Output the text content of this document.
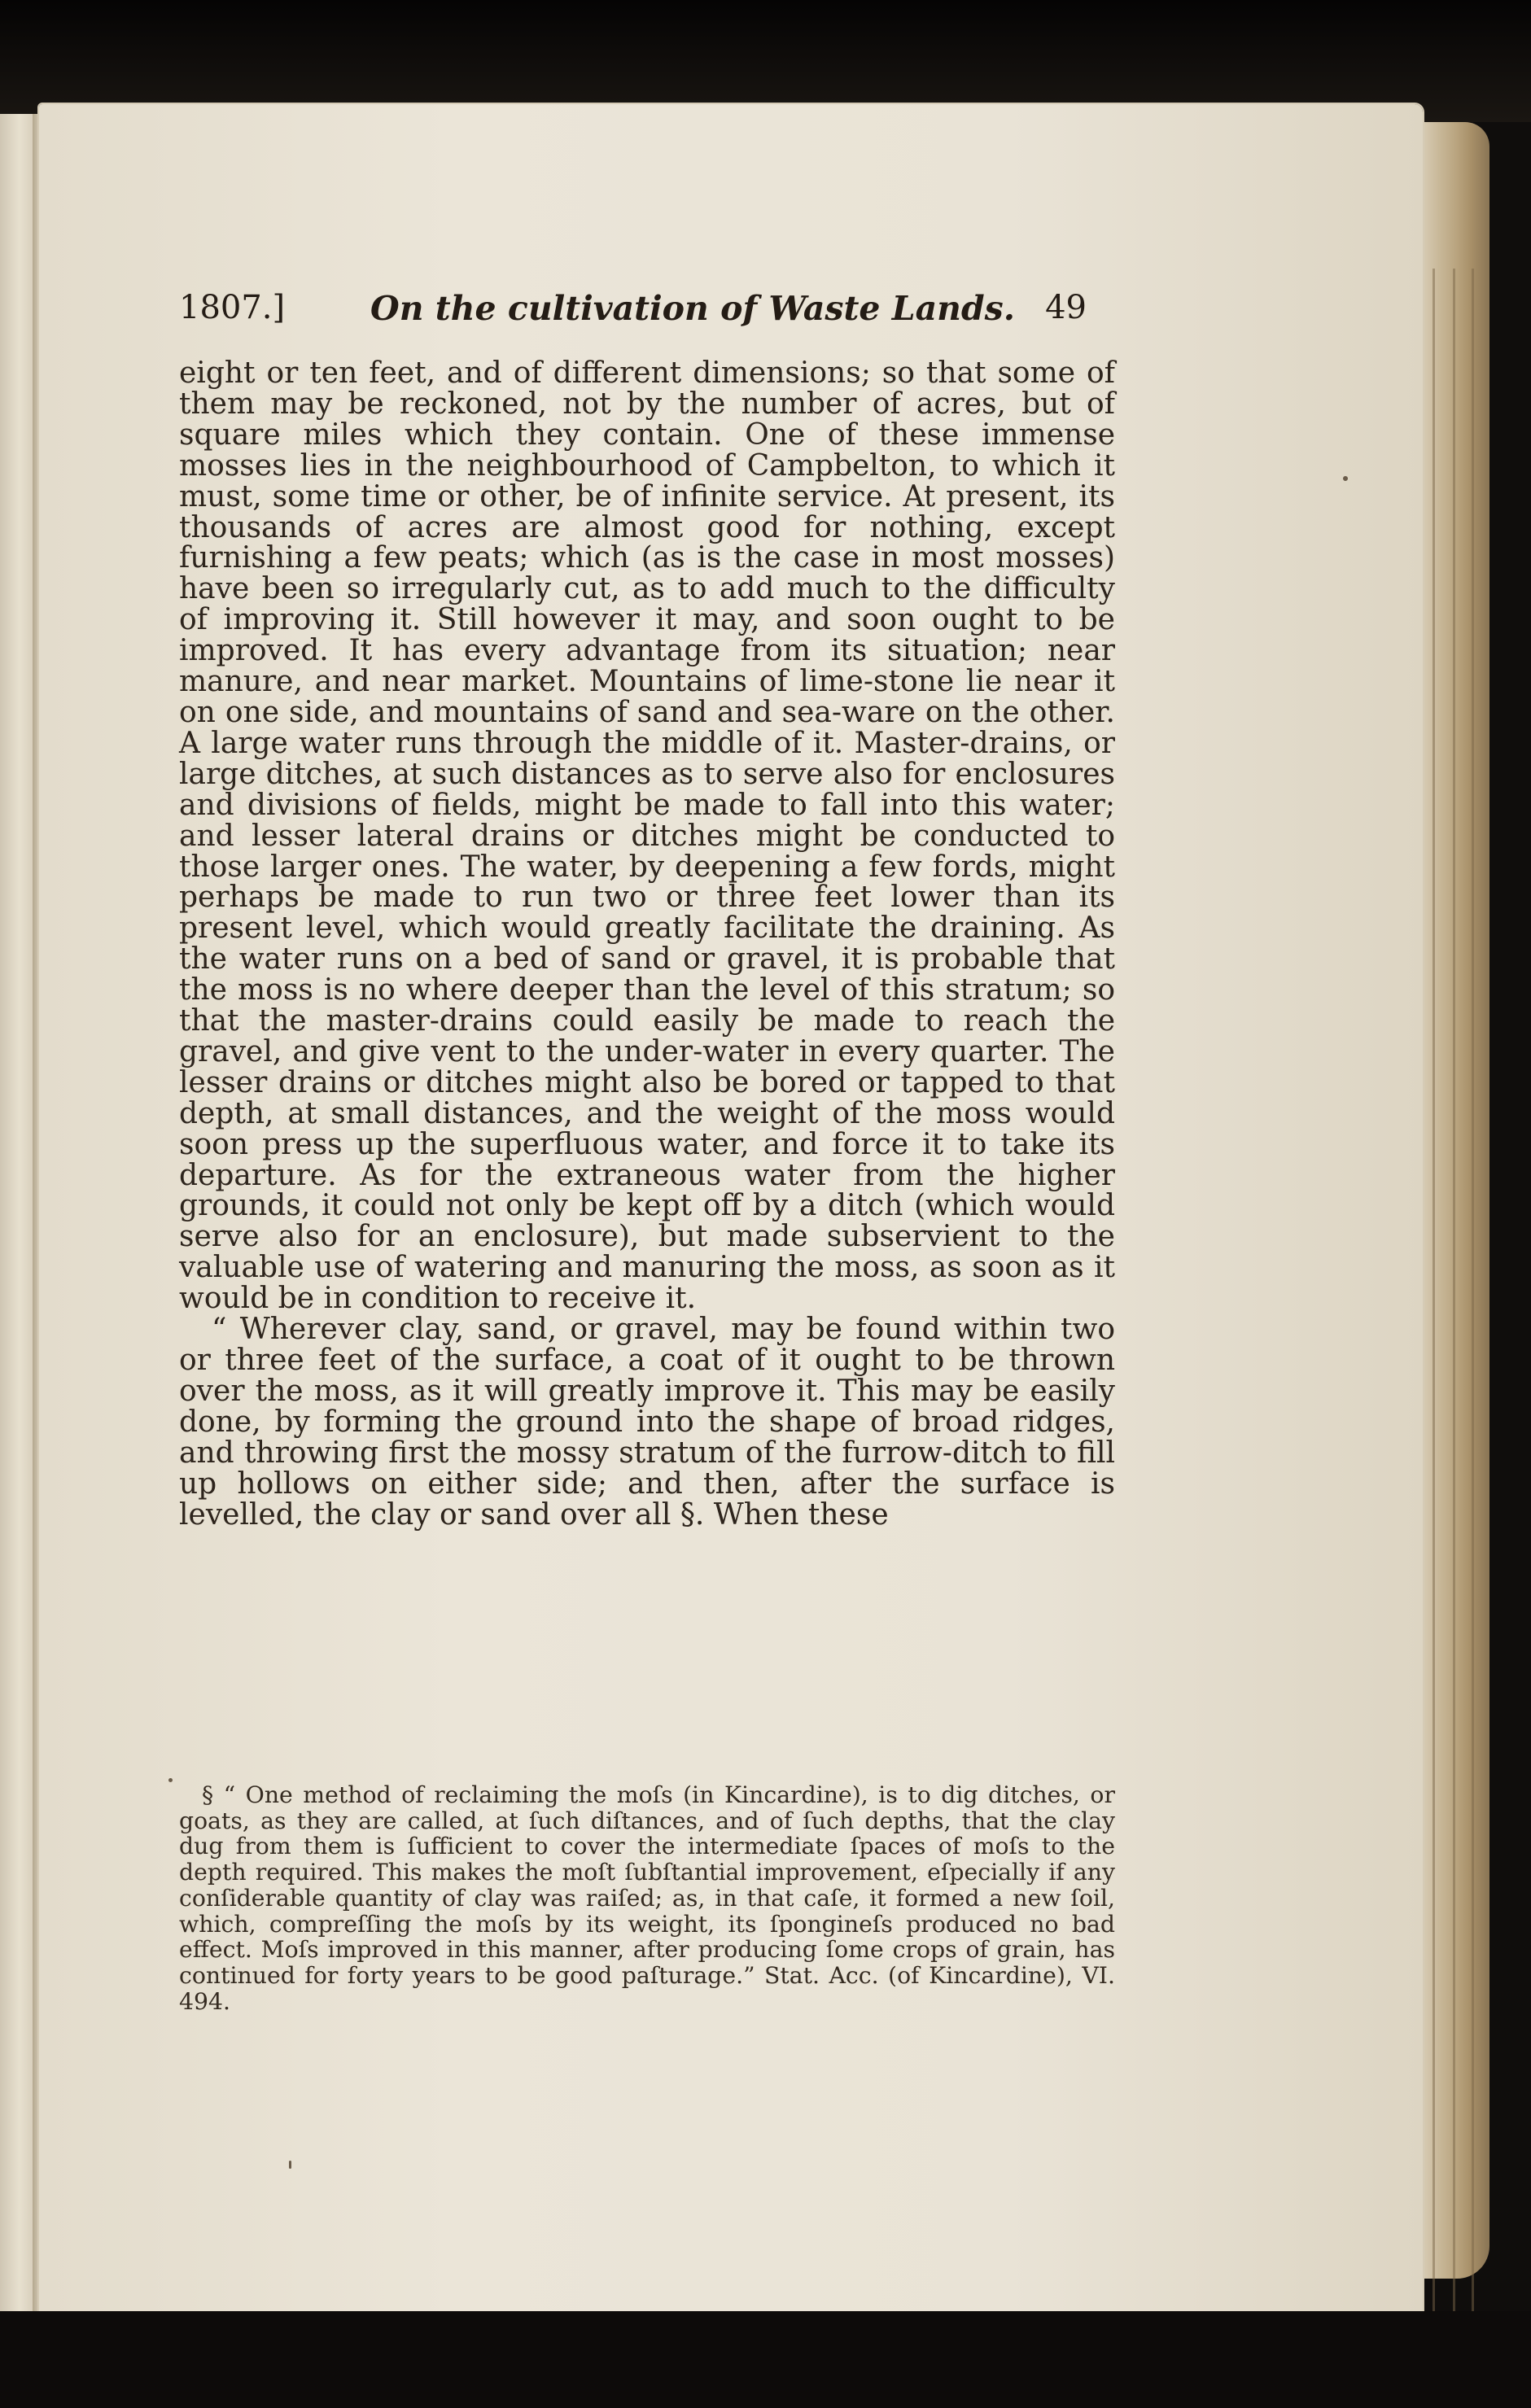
1807.]	On the cultivation of Waste Lands. 49

eight or ten feet, and of different dimensions; so that some of them may be reckoned, not by the number of acres, but of square miles which they contain. One of these immense mosses lies in the neighbourhood of Campbelton, to which it must, some time or other, be of infinite service. At present, its thousands of acres are almost good for nothing, except furnishing a few peats; which (as is the case in most mosses) have been so irregularly cut, as to add much to the difficulty of improving it. Still however it may, and soon ought to be improved. It has every advantage from its situation; near manure, and near market. Mountains of lime-stone lie near it on one side, and mountains of sand and sea-ware on the other. A large water runs through the middle of it. Master-drains, or large ditches, at such distances as to serve also for enclosures and divisions of fields, might be made to fall into this water; and lesser lateral drains or ditches might be conducted to those larger ones. The water, by deepening a few fords, might perhaps be made to run two or three feet lower than its present level, which would greatly facilitate the draining. As the water runs on a bed of sand or gravel, it is probable that the moss is no where deeper than the level of this stratum; so that the master-drains could easily be made to reach the gravel, and give vent to the under-water in every quarter. The lesser drains or ditches might also be bored or tapped to that depth, at small distances, and the weight of the moss would soon press up the superfluous water, and force it to take its departure. As for the extraneous water from the higher grounds, it could not only be kept off by a ditch (which would serve also for an enclosure), but made subservient to the valuable use of watering and manuring the moss, as soon as it would be in condition to receive it.

“ Wherever clay, sand, or gravel, may be found within two or three feet of the surface, a coat of it ought to be thrown over the moss, as it will greatly improve it. This may be easily done, by forming the ground into the shape of broad ridges, and throwing first the mossy stratum of the furrow-ditch to fill up hollows on either side; and then, after the surface is levelled, the clay or sand over all §. When these

§ “ One method of reclaiming the moſs (in Kincardine), is to dig ditches, or goats, as they are called, at ſuch diſtances, and of ſuch depths, that the clay dug from them is ſufficient to cover the intermediate ſpaces of moſs to the depth required. This makes the moſt ſubſtantial improvement, eſpecially if any conſiderable quantity of clay was raiſed; as, in that caſe, it formed a new ſoil, which, compreſſing the moſs by its weight, its ſpongineſs produced no bad effect. Moſs improved in this manner, after producing ſome crops of grain, has continued for forty years to be good paſturage.” Stat. Acc. (of Kincardine), VI. 494.
